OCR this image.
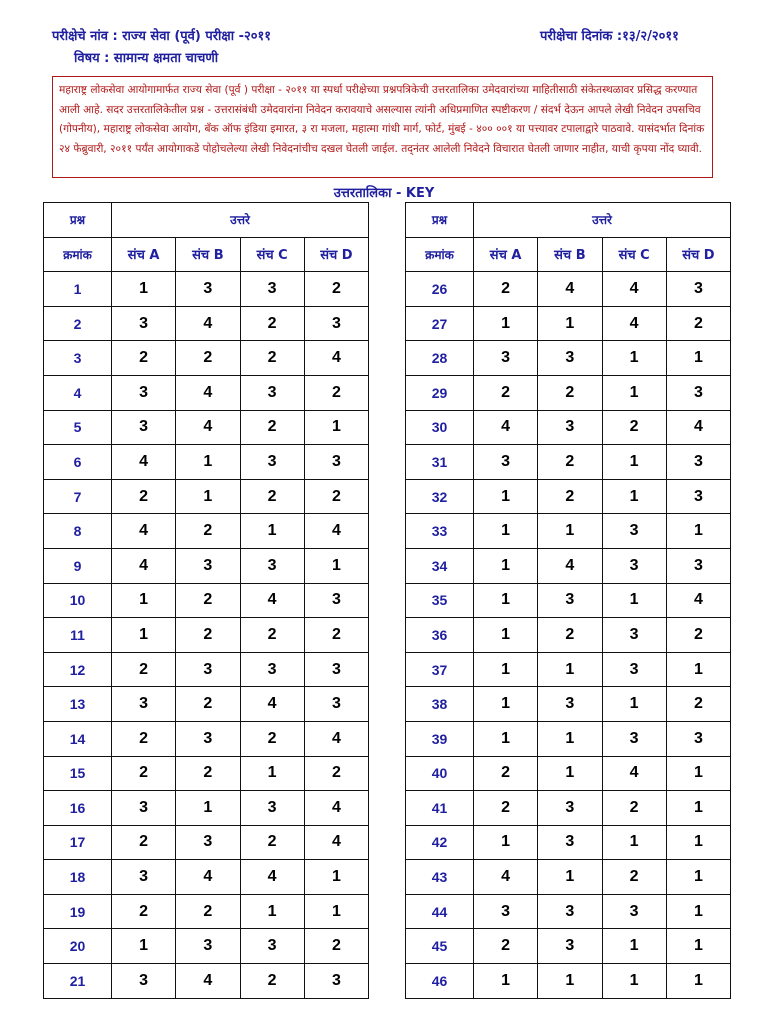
परीक्षेचे नांव : राज्य सेवा (पूर्व) परीक्षा -२०११	परीक्षेचा दिनांक :१३/२/२०११
विषय : सामान्य क्षमता चाचणी
महाराष्ट्र लोकसेवा आयोगामार्फत राज्य सेवा (पूर्व ) परीक्षा - २०११ या स्पर्धा परीक्षेच्या प्रश्नपत्रिकेची उत्तरतालिका उमेदवारांच्या माहितीसाठी संकेतस्थळावर प्रसिद्ध करण्यात आली आहे. सदर उत्तरतालिकेतील प्रश्न - उत्तरासंबंधी उमेदवारांना निवेदन करावयाचे असल्यास त्यांनी अधिप्रमाणित स्पष्टीकरण / संदर्भ देऊन आपले लेखी निवेदन उपसचिव (गोपनीय), महाराष्ट्र लोकसेवा आयोग, बँक ऑफ इंडिया इमारत, ३ रा मजला, महात्मा गांधी मार्ग, फोर्ट, मुंबई - ४०० ००१ या पत्त्यावर टपालाद्वारे पाठवावे. यासंदर्भात दिनांक २४ फेब्रुवारी, २०११ पर्यंत आयोगाकडे पोहोचलेल्या लेखी निवेदनांचीच दखल घेतली जाईल. तद्नंतर आलेली निवेदने विचारात घेतली जाणार नाहीत, याची कृपया नोंद घ्यावी.
उत्तरतालिका - KEY
प्रश्न	उत्तरे			
क्रमांक	संच A	संच B	संच C	संच D
1	1	3	3	2
2	3	4	2	3
3	2	2	2	4
4	3	4	3	2
5	3	4	2	1
6	4	1	3	3
7	2	1	2	2
8	4	2	1	4
9	4	3	3	1
10	1	2	4	3
11	1	2	2	2
12	2	3	3	3
13	3	2	4	3
14	2	3	2	4
15	2	2	1	2
16	3	1	3	4
17	2	3	2	4
18	3	4	4	1
19	2	2	1	1
20	1	3	3	2
21	3	4	2	3
प्रश्न	उत्तरे			
क्रमांक	संच A	संच B	संच C	संच D
26	2	4	4	3
27	1	1	4	2
28	3	3	1	1
29	2	2	1	3
30	4	3	2	4
31	3	2	1	3
32	1	2	1	3
33	1	1	3	1
34	1	4	3	3
35	1	3	1	4
36	1	2	3	2
37	1	1	3	1
38	1	3	1	2
39	1	1	3	3
40	2	1	4	1
41	2	3	2	1
42	1	3	1	1
43	4	1	2	1
44	3	3	3	1
45	2	3	1	1
46	1	1	1	1
